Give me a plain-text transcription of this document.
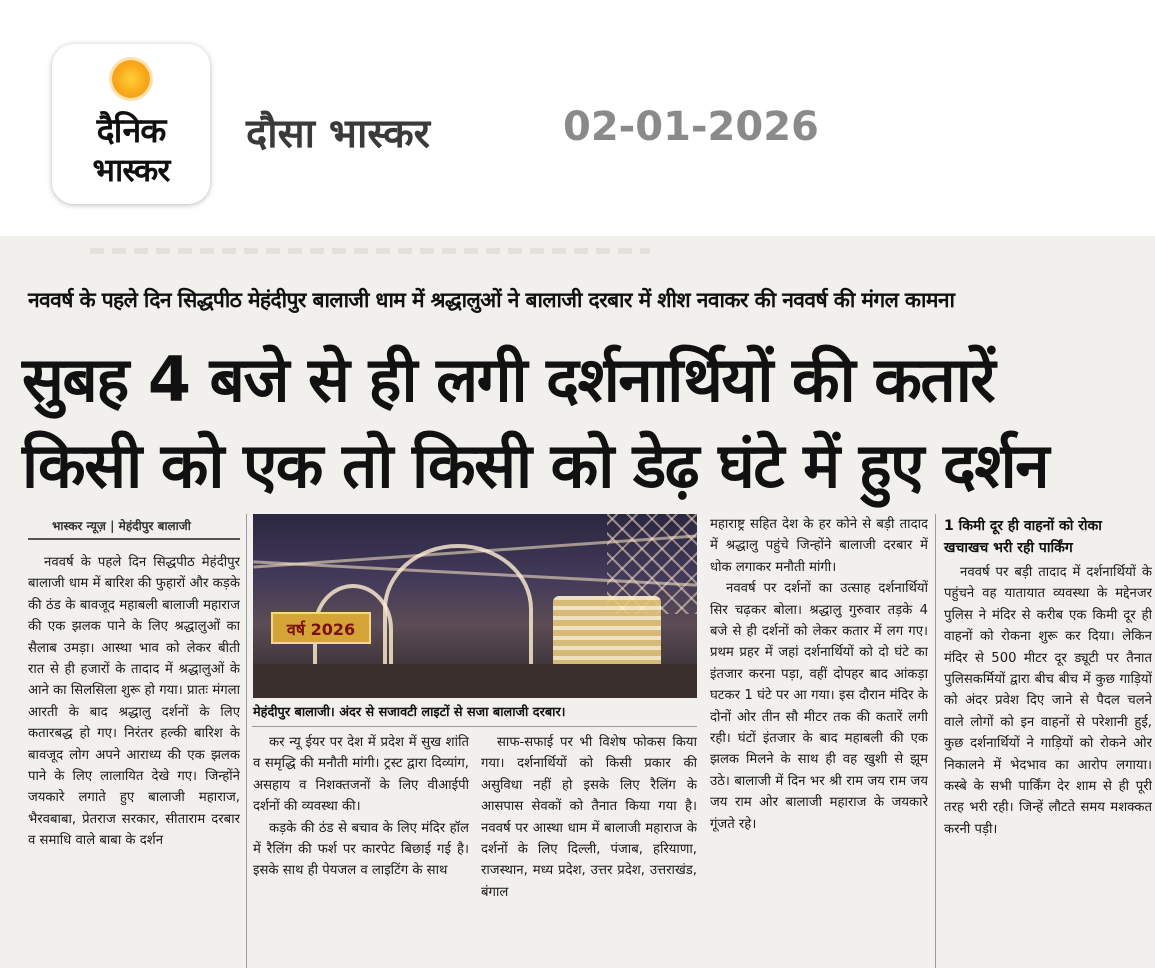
दैनिक
भास्कर
दौसा भास्कर	02-01-2026
नववर्ष के पहले दिन सिद्धपीठ मेहंदीपुर बालाजी धाम में श्रद्धालुओं ने बालाजी दरबार में शीश नवाकर की नववर्ष की मंगल कामना
सुबह 4 बजे से ही लगी दर्शनार्थियों की कतारें
किसी को एक तो किसी को डेढ़ घंटे में हुए दर्शन
भास्कर न्यूज़ | मेहंदीपुर बालाजी

नववर्ष के पहले दिन सिद्धपीठ मेहंदीपुर बालाजी धाम में बारिश की फुहारों और कड़के की ठंड के बावजूद महाबली बालाजी महाराज की एक झलक पाने के लिए श्रद्धालुओं का सैलाब उमड़ा। आस्था भाव को लेकर बीती रात से ही हजारों के तादाद में श्रद्धालुओं के आने का सिलसिला शुरू हो गया। प्रातः मंगला आरती के बाद श्रद्धालु दर्शनों के लिए कतारबद्ध हो गए। निरंतर हल्की बारिश के बावजूद लोग अपने आराध्य की एक झलक पाने के लिए लालायित देखे गए। जिन्होंने जयकारे लगाते हुए बालाजी महाराज, भैरवबाबा, प्रेतराज सरकार, सीताराम दरबार व समाधि वाले बाबा के दर्शन

वर्ष 2026
मेहंदीपुर बालाजी। अंदर से सजावटी लाइटों से सजा बालाजी दरबार।

कर न्यू ईयर पर देश में प्रदेश में सुख शांति व समृद्धि की मनौती मांगी। ट्रस्ट द्वारा दिव्यांग, असहाय व निशक्तजनों के लिए वीआईपी दर्शनों की व्यवस्था की।

कड़के की ठंड से बचाव के लिए मंदिर हॉल में रैलिंग की फर्श पर कारपेट बिछाई गई है। इसके साथ ही पेयजल व लाइटिंग के साथ

साफ-सफाई पर भी विशेष फोकस किया गया। दर्शनार्थियों को किसी प्रकार की असुविधा नहीं हो इसके लिए रैलिंग के आसपास सेवकों को तैनात किया गया है। नववर्ष पर आस्था धाम में बालाजी महाराज के दर्शनों के लिए दिल्ली, पंजाब, हरियाणा, राजस्थान, मध्य प्रदेश, उत्तर प्रदेश, उत्तराखंड, बंगाल

महाराष्ट्र सहित देश के हर कोने से बड़ी तादाद में श्रद्धालु पहुंचे जिन्होंने बालाजी दरबार में धोक लगाकर मनौती मांगी।

नववर्ष पर दर्शनों का उत्साह दर्शनार्थियों सिर चढ़कर बोला। श्रद्धालु गुरुवार तड़के 4 बजे से ही दर्शनों को लेकर कतार में लग गए। प्रथम प्रहर में जहां दर्शनार्थियों को दो घंटे का इंतजार करना पड़ा, वहीं दोपहर बाद आंकड़ा घटकर 1 घंटे पर आ गया। इस दौरान मंदिर के दोनों ओर तीन सौ मीटर तक की कतारें लगी रही। घंटों इंतजार के बाद महाबली की एक झलक मिलने के साथ ही वह खुशी से झूम उठे। बालाजी में दिन भर श्री राम जय राम जय जय राम ओर बालाजी महाराज के जयकारे गूंजते रहे।

1 किमी दूर ही वाहनों को रोका
खचाखच भरी रही पार्किंग

नववर्ष पर बड़ी तादाद में दर्शनार्थियों के पहुंचने वह यातायात व्यवस्था के मद्देनजर पुलिस ने मंदिर से करीब एक किमी दूर ही वाहनों को रोकना शुरू कर दिया। लेकिन मंदिर से 500 मीटर दूर ड्यूटी पर तैनात पुलिसकर्मियों द्वारा बीच बीच में कुछ गाड़ियों को अंदर प्रवेश दिए जाने से पैदल चलने वाले लोगों को इन वाहनों से परेशानी हुई, कुछ दर्शनार्थियों ने गाड़ियों को रोकने ओर निकालने में भेदभाव का आरोप लगाया। कस्बे के सभी पार्किंग देर शाम से ही पूरी तरह भरी रही। जिन्हें लौटते समय मशक्कत करनी पड़ी।
